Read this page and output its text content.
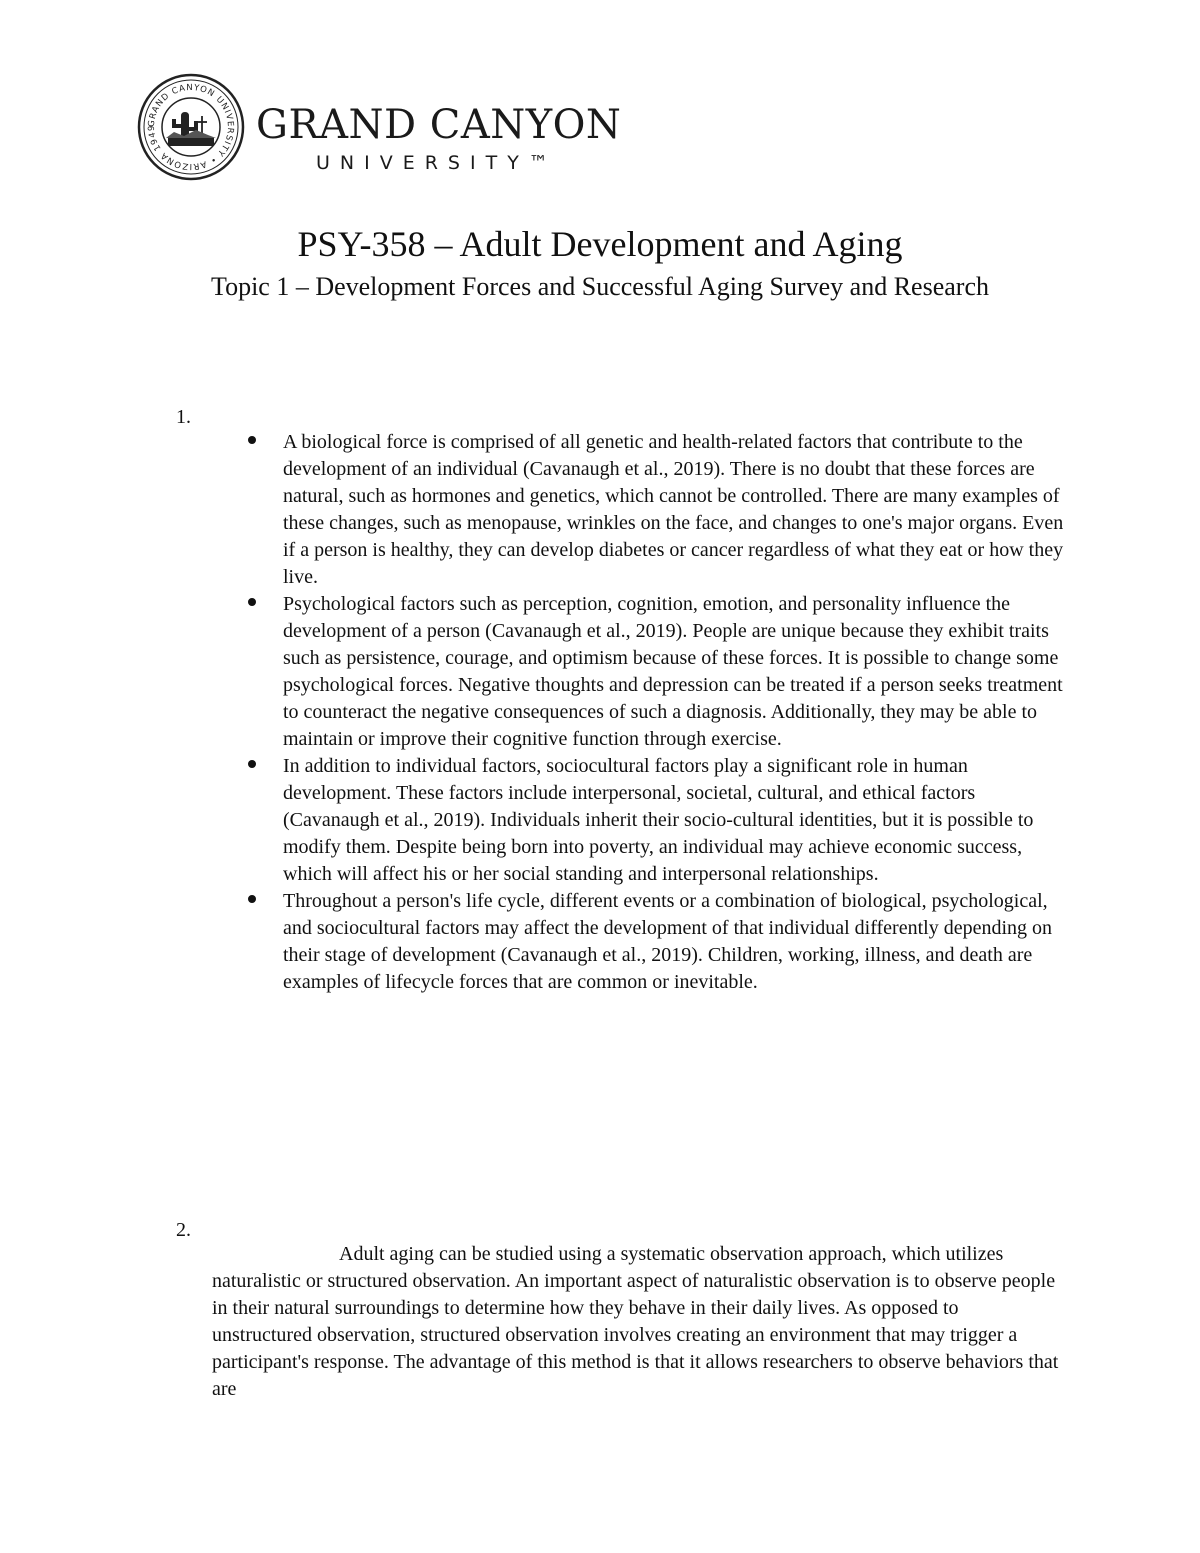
GRAND CANYON UNIVERSITY • ARIZONA 1949	GRAND CANYON
UNIVERSITY™
PSY-358 – Adult Development and Aging
Topic 1 – Development Forces and Successful Aging Survey and Research
1.
A biological force is comprised of all genetic and health-related factors that contribute to the development of an individual (Cavanaugh et al., 2019). There is no doubt that these forces are natural, such as hormones and genetics, which cannot be controlled. There are many examples of these changes, such as menopause, wrinkles on the face, and changes to one's major organs. Even if a person is healthy, they can develop diabetes or cancer regardless of what they eat or how they live.
Psychological factors such as perception, cognition, emotion, and personality influence the development of a person (Cavanaugh et al., 2019). People are unique because they exhibit traits such as persistence, courage, and optimism because of these forces. It is possible to change some psychological forces. Negative thoughts and depression can be treated if a person seeks treatment to counteract the negative consequences of such a diagnosis. Additionally, they may be able to maintain or improve their cognitive function through exercise.
In addition to individual factors, sociocultural factors play a significant role in human development. These factors include interpersonal, societal, cultural, and ethical factors (Cavanaugh et al., 2019). Individuals inherit their socio-cultural identities, but it is possible to modify them. Despite being born into poverty, an individual may achieve economic success, which will affect his or her social standing and interpersonal relationships.
Throughout a person's life cycle, different events or a combination of biological, psychological, and sociocultural factors may affect the development of that individual differently depending on their stage of development (Cavanaugh et al., 2019). Children, working, illness, and death are examples of lifecycle forces that are common or inevitable.
2.

Adult aging can be studied using a systematic observation approach, which utilizes naturalistic or structured observation. An important aspect of naturalistic observation is to observe people in their natural surroundings to determine how they behave in their daily lives. As opposed to unstructured observation, structured observation involves creating an environment that may trigger a participant's response. The advantage of this method is that it allows researchers to observe behaviors that are
